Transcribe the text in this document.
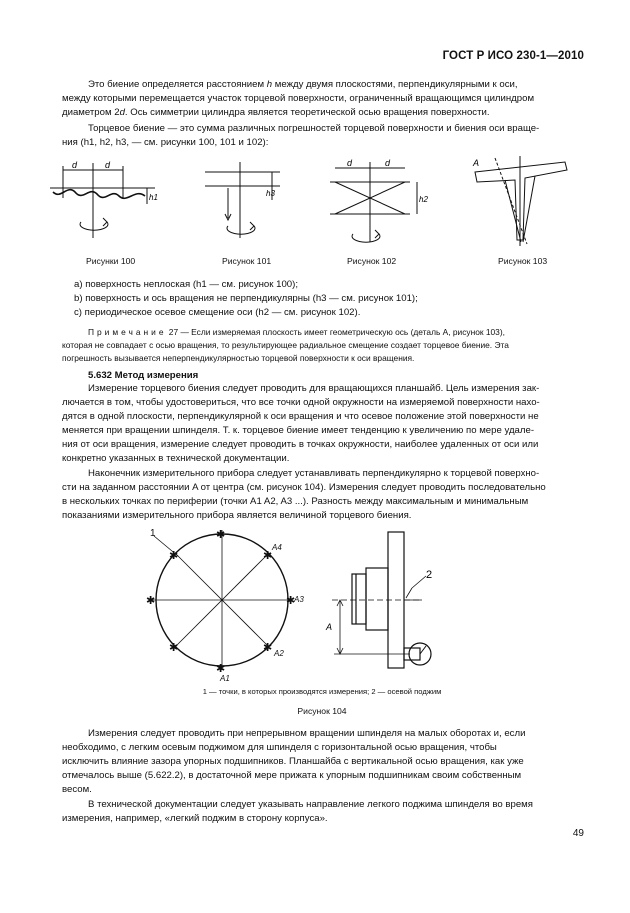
ГОСТ Р ИСО 230-1—2010
Это биение определяется расстоянием h между двумя плоскостями, перпендикулярными к оси,
между которыми перемещается участок торцевой поверхности, ограниченный вращающимся цилиндром
диаметром 2d. Ось симметрии цилиндра является теоретической осью вращения поверхности.
Торцевое биение — это сумма различных погрешностей торцевой поверхности и биения оси враще-
ния (h1, h2, h3, — см. рисунки 100, 101 и 102):
d	d
h1	h3
d	d
h2
A
Рисунки 100	Рисунок 101	Рисунок 102	Рисунок 103
а) поверхность неплоская (h1 — см. рисунок 100);
b) поверхность и ось вращения не перпендикулярны (h3 — см. рисунок 101);
с) периодическое осевое смещение оси (h2 — см. рисунок 102).
Примечание 27 — Если измеряемая плоскость имеет геометрическую ось (деталь A, рисунок 103),
которая не совпадает с осью вращения, то результирующее радиальное смещение создает торцевое биение. Эта
погрешность вызывается неперпендикулярностью торцевой поверхности к оси вращения.
5.632 Метод измерения
Измерение торцевого биения следует проводить для вращающихся планшайб. Цель измерения зак-
лючается в том, чтобы удостовериться, что все точки одной окружности на измеряемой поверхности нахо-
дятся в одной плоскости, перпендикулярной к оси вращения и что осевое положение этой поверхности не
меняется при вращении шпинделя. Т. к. торцевое биение имеет тенденцию к увеличению по мере удале-
ния от оси вращения, измерение следует проводить в точках окружности, наиболее удаленных от оси или
конкретно указанных в технической документации.
Наконечник измерительного прибора следует устанавливать перпендикулярно к торцевой поверхно-
сти на заданном расстоянии A от центра (см. рисунок 104). Измерения следует проводить последовательно
в нескольких точках по периферии (точки A1 A2, A3 ...). Разность между максимальным и минимальным
показаниями измерительного прибора является величиной торцевого биения.
✱
✱
✱
✱
✱
✱
✱
✱
1
A4
A3
A2
A1
A
2
1 — точки, в которых производятся измерения; 2 — осевой поджим
Рисунок 104
Измерения следует проводить при непрерывном вращении шпинделя на малых оборотах и, если
необходимо, с легким осевым поджимом для шпинделя с горизонтальной осью вращения, чтобы
исключить влияние зазора упорных подшипников. Планшайба с вертикальной осью вращения, как уже
отмечалось выше (5.622.2), в достаточной мере прижата к упорным подшипникам своим собственным
весом.
В технической документации следует указывать направление легкого поджима шпинделя во время
измерения, например, «легкий поджим в сторону корпуса».
49
